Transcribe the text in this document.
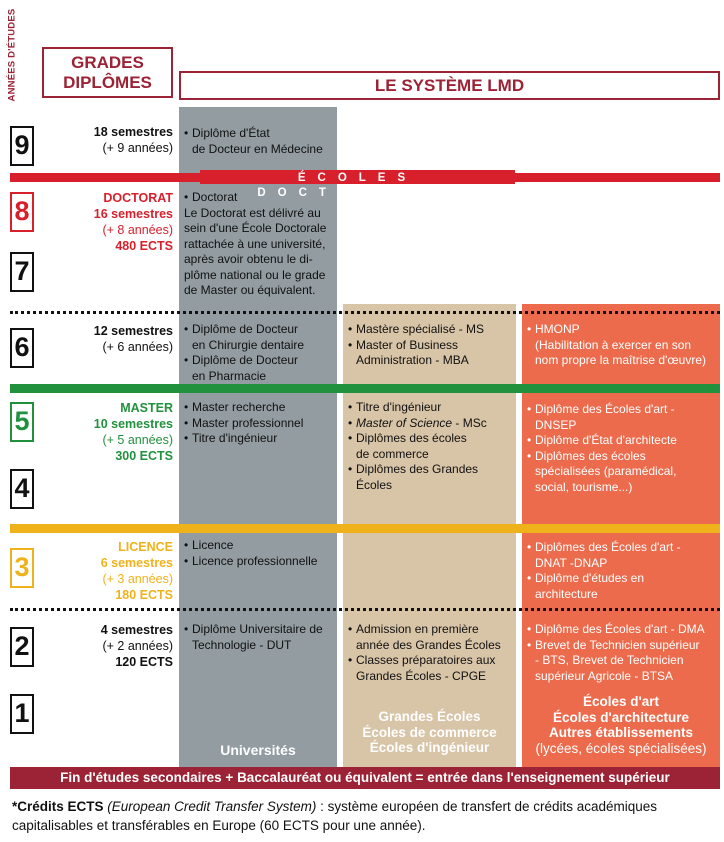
ANNÉES D'ÉTUDES	GRADES
DIPLÔMES	LE SYSTÈME LMD
ÉCOLES DOCTORALES
9
8
7
6
5
4
3
2
1
18 semestres
(+ 9 années)
DOCTORAT
16 semestres
(+ 8 années)
480 ECTS
12 semestres
(+ 6 années)
MASTER
10 semestres
(+ 5 années)
300 ECTS
LICENCE
6 semestres
(+ 3 années)
180 ECTS
4 semestres
(+ 2 années)
120 ECTS
• Diplôme d'État
de Docteur en Médecine
• Doctorat
Le Doctorat est délivré au
sein d'une École Doctorale
rattachée à une université,
après avoir obtenu le di-
plôme national ou le grade
de Master ou équivalent.
• Diplôme de Docteur
en Chirurgie dentaire
• Diplôme de Docteur
en Pharmacie
• Master recherche
• Master professionnel
• Titre d'ingénieur
• Licence
• Licence professionnelle
• Diplôme Universitaire de
Technologie - DUT
Universités
• Mastère spécialisé - MS
• Master of Business
Administration - MBA
• Titre d'ingénieur
• Master of Science - MSc
• Diplômes des écoles
de commerce
• Diplômes des Grandes Écoles
• Admission en première
année des Grandes Écoles
• Classes préparatoires aux
Grandes Écoles - CPGE
Grandes Écoles
Écoles de commerce
Écoles d'ingénieur
• HMONP
(Habilitation à exercer en son
nom propre la maîtrise d'œuvre)
• Diplôme des Écoles d'art -
DNSEP
• Diplôme d'État d'architecte
• Diplômes des écoles
spécialisées (paramédical,
social, tourisme...)
• Diplômes des Écoles d'art -
DNAT -DNAP
• Diplôme d'études en
architecture
• Diplôme des Écoles d'art - DMA
• Brevet de Technicien supérieur
- BTS, Brevet de Technicien
supérieur Agricole - BTSA
Écoles d'art
Écoles d'architecture
Autres établissements
(lycées, écoles spécialisées)
Fin d'études secondaires + Baccalauréat ou équivalent = entrée dans l'enseignement supérieur
*Crédits ECTS (European Credit Transfer System) : système européen de transfert de crédits académiques capitalisables et transférables en Europe (60 ECTS pour une année).
